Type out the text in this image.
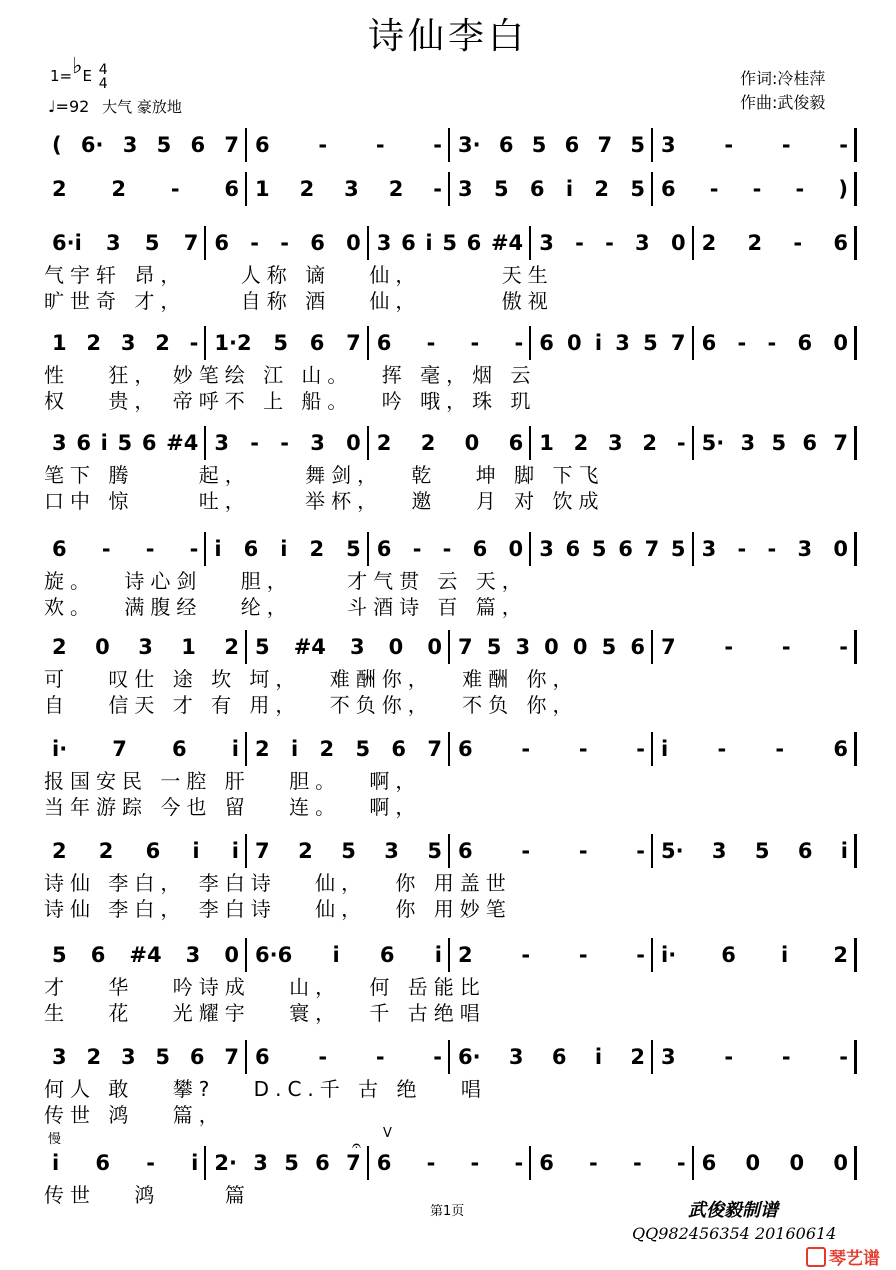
诗仙李白
1=♭E 4
4
♩=92 大气 豪放地
作词:冷桂萍
作曲:武俊毅
( 6· 3 5 6 7 6 - - - 3· 6 5 6 7 5 3 - - -
2 2 - 6 1 2 3 2 - 3 5 6 i 2 5 6 - - - )
6·i 3 5 7 6 - - 6 0 3 6 i 5 6 #4 3 - - 3 0 2 2 - 6
气宇轩 昂，　　 人称 谪　 仙，　　　 天生
旷世奇 才，　　 自称 酒　 仙，　　　 傲视
1 2 3 2 - 1·2 5 6 7 6 - - - 6 0 i 3 5 7 6 - - 6 0
性　 狂， 妙笔绘 江 山。　 挥 毫，烟 云
权　 贵， 帝呼不 上 船。　 吟 哦，珠 玑
3 6 i 5 6 #4 3 - - 3 0 2 2 0 6 1 2 3 2 - 5· 3 5 6 7
笔下 腾　　 起，　　 舞剑，　 乾　 坤 脚 下飞
口中 惊　　 吐，　　 举杯，　 邀　 月 对 饮成
6 - - - i 6 i 2 5 6 - - 6 0 3 6 5 6 7 5 3 - - 3 0
旋。　 诗心剑　 胆，　　 才气贯 云 天，
欢。　 满腹经　 纶，　　 斗酒诗 百 篇，
2 0 3 1 2 5 #4 3 0 0 7 5 3 0 0 5 6 7 - - -
可　 叹仕 途 坎 坷，　 难酬你，　 难酬 你，
自　 信天 才 有 用，　 不负你，　 不负 你，
i· 7 6 i 2 i 2 5 6 7 6 - - - i - - 6
报国安民 一腔 肝　 胆。　 啊，
当年游踪 今也 留　 连。　 啊，
2 2 6 i i 7 2 5 3 5 6 - - - 5· 3 5 6 i
诗仙 李白， 李白诗　 仙，　 你 用盖世
诗仙 李白， 李白诗　 仙，　 你 用妙笔
5 6 #4 3 0 6·6 i 6 i 2 - - - i· 6 i 2
才　 华　 吟诗成　 山，　 何 岳能比
生　 花　 光耀宇　 寰，　 千 古绝唱
3 2 3 5 6 7 6 - - - 6· 3 6 i 2 3 - - -
何人 敢　 攀?　 D.C.千 古 绝　 唱
传世 鸿　 篇，
i 6 - i 2· 3 5 6 7 6 - - - 6 - - - 6 0 0 0
传世　 鸿　　 篇
慢	𝄐
V
第1页	武俊毅制谱
QQ982456354 20160614
琴艺谱
